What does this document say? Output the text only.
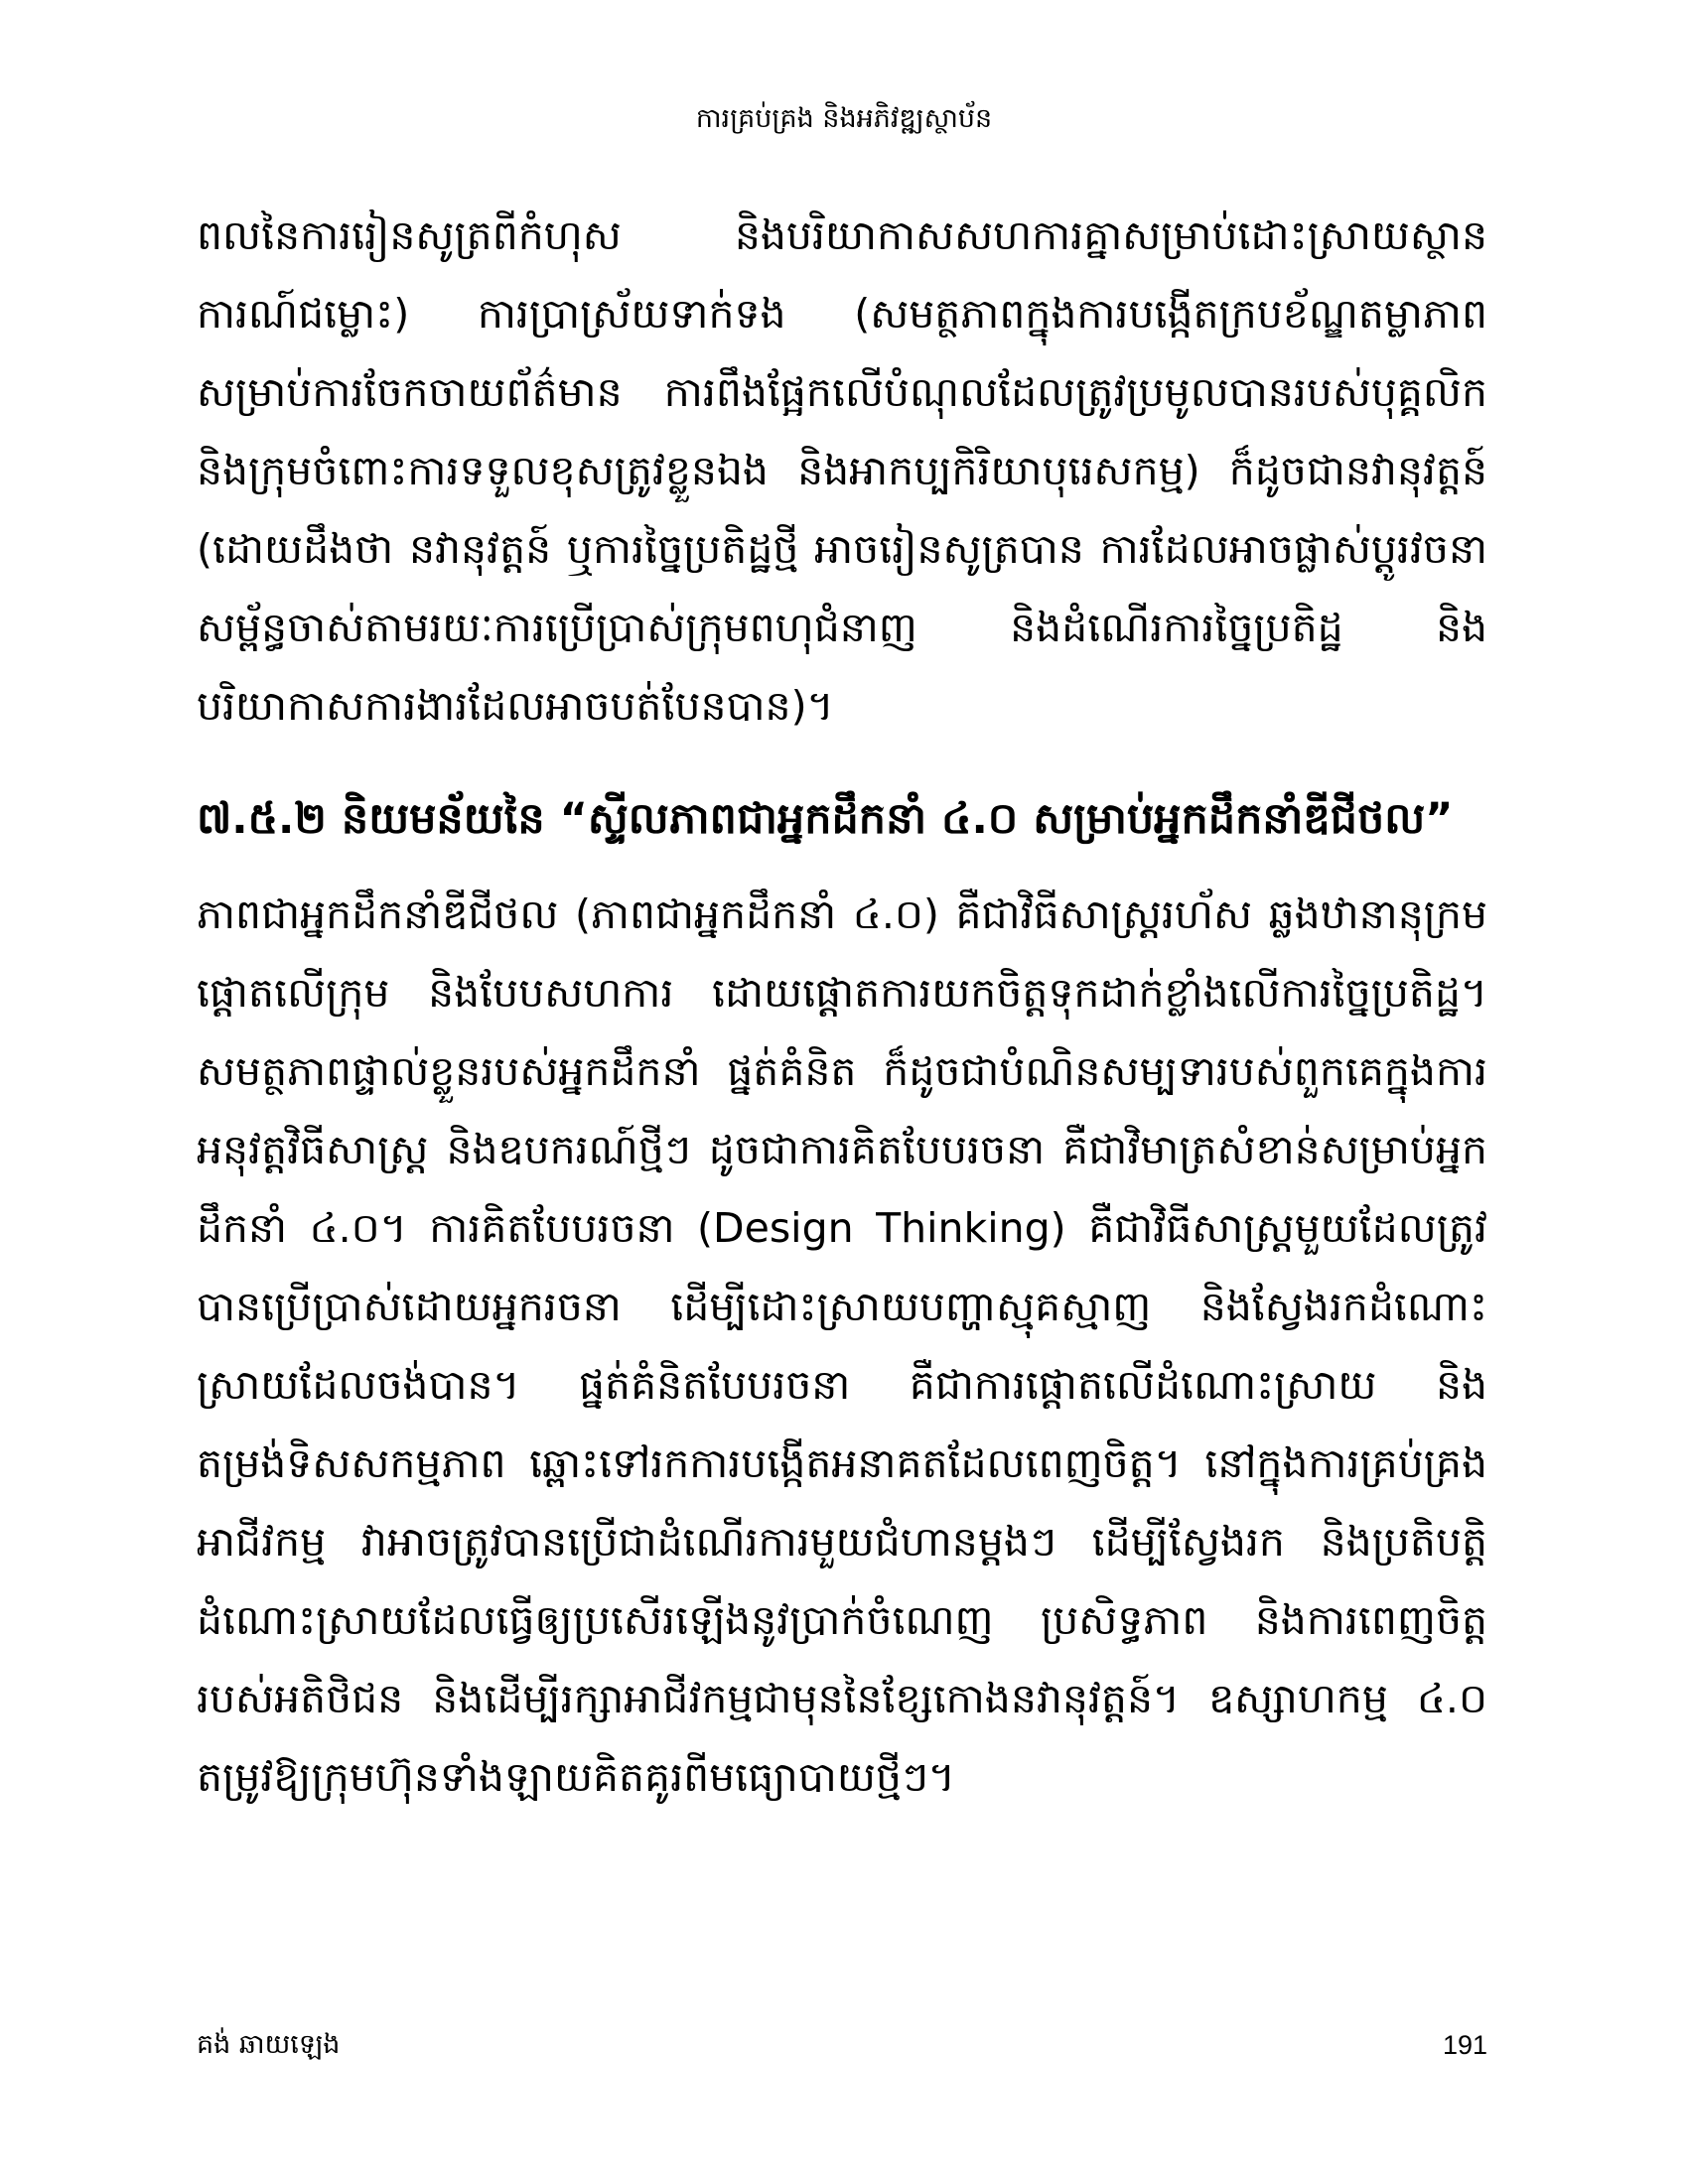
ការគ្រប់គ្រង និងអភិវឌ្ឍស្ថាប័ន

ពលនៃការរៀនសូត្រពីកំហុស និងបរិយាកាសសហការគ្នាសម្រាប់ដោះស្រាយស្ថានការណ៍ជម្លោះ) ការប្រាស្រ័យទាក់ទង (សមត្ថភាពក្នុងការបង្កើតក្របខ័ណ្ឌតម្លាភាពសម្រាប់ការចែកចាយព័ត៌មាន ការពឹងផ្អែកលើបំណុលដែលត្រូវប្រមូលបានរបស់បុគ្គលិក និងក្រុមចំពោះការទទួលខុសត្រូវខ្លួនឯង និងអាកប្បកិរិយាបុរេសកម្ម) ក៏ដូចជានវានុវត្តន៍ (ដោយដឹងថា នវានុវត្តន៍ ឬការច្នៃប្រតិដ្ឋថ្មី អាចរៀនសូត្របាន ការដែលអាចផ្លាស់ប្តូរវចនាសម្ព័ន្ធចាស់តាមរយៈការប្រើប្រាស់ក្រុមពហុជំនាញ និងដំណើរការច្នៃប្រតិដ្ឋ និងបរិយាកាសការងារដែលអាចបត់បែនបាន)។

៧.៥.២ និយមន័យនៃ “ស្ទីលភាពជាអ្នកដឹកនាំ ៤.០ សម្រាប់អ្នកដឹកនាំឌីជីថល”

ភាពជាអ្នកដឹកនាំឌីជីថល (ភាពជាអ្នកដឹកនាំ ៤.០) គឺជាវិធីសាស្ត្ររហ័ស ឆ្លងឋានានុក្រម ផ្តោតលើក្រុម និងបែបសហការ ដោយផ្តោតការយកចិត្តទុកដាក់ខ្លាំងលើការច្នៃប្រតិដ្ឋ។ សមត្ថភាពផ្ទាល់ខ្លួនរបស់អ្នកដឹកនាំ ផ្នត់គំនិត ក៏ដូចជាបំណិនសម្បទារបស់ពួកគេក្នុងការអនុវត្តវិធីសាស្ត្រ និងឧបករណ៍ថ្មីៗ ដូចជាការគិតបែបរចនា គឺជាវិមាត្រសំខាន់សម្រាប់អ្នកដឹកនាំ ៤.០។ ការគិតបែបរចនា (Design Thinking) គឺជាវិធីសាស្ត្រមួយដែលត្រូវបានប្រើប្រាស់ដោយអ្នករចនា ដើម្បីដោះស្រាយបញ្ហាស្មុគស្មាញ និងស្វែងរកដំណោះស្រាយដែលចង់បាន។ ផ្នត់គំនិតបែបរចនា គឺជាការផ្តោតលើដំណោះស្រាយ និងតម្រង់ទិសសកម្មភាព ឆ្ពោះទៅរកការបង្កើតអនាគតដែលពេញចិត្ត។ នៅក្នុងការគ្រប់គ្រងអាជីវកម្ម វាអាចត្រូវបានប្រើជាដំណើរការមួយជំហានម្តងៗ ដើម្បីស្វែងរក និងប្រតិបត្តិដំណោះស្រាយដែលធ្វើឲ្យប្រសើរឡើងនូវប្រាក់ចំណេញ ប្រសិទ្ធភាព និងការពេញចិត្តរបស់អតិថិជន និងដើម្បីរក្សាអាជីវកម្មជាមុននៃខ្សែកោងនវានុវត្តន៍។ ឧស្សាហកម្ម ៤.០ តម្រូវឱ្យក្រុមហ៊ុនទាំងឡាយគិតគូរពីមធ្យោបាយថ្មីៗ។

គង់ ឆាយឡេង	191
